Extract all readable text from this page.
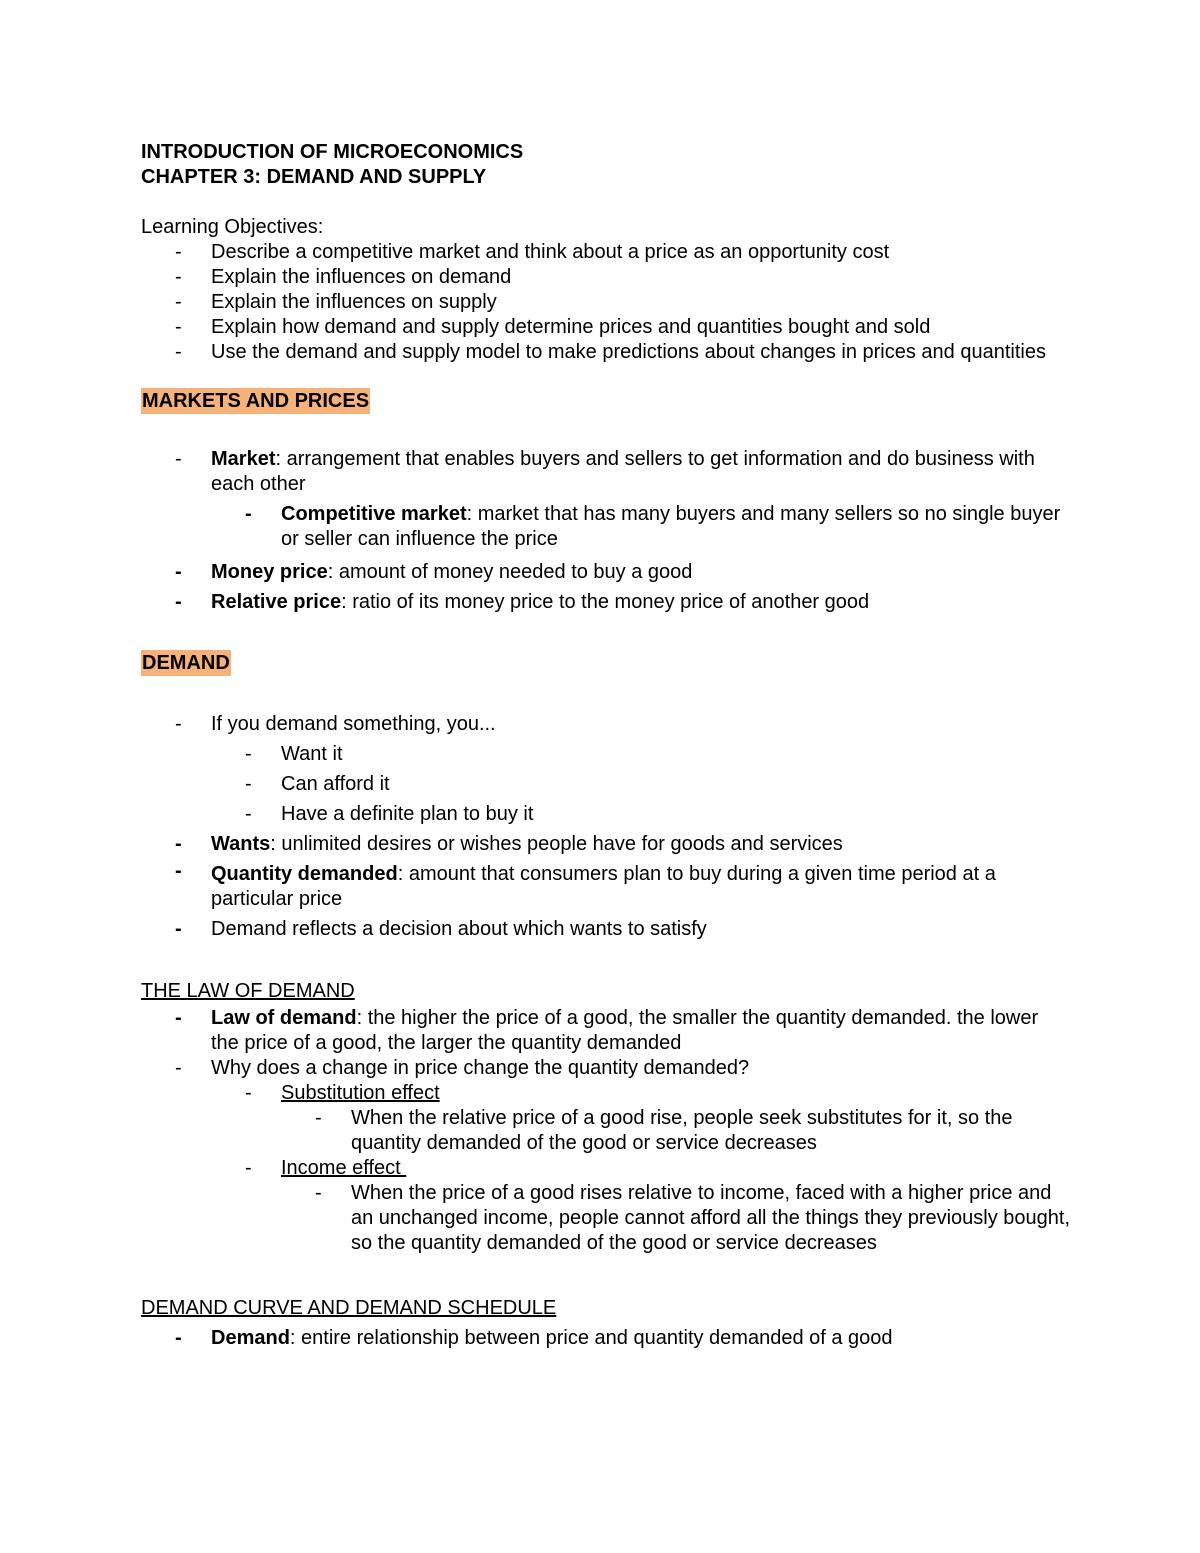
INTRODUCTION OF MICROECONOMICS

CHAPTER 3: DEMAND AND SUPPLY

Learning Objectives:
- Describe a competitive market and think about a price as an opportunity cost
- Explain the influences on demand
- Explain the influences on supply
- Explain how demand and supply determine prices and quantities bought and sold
- Use the demand and supply model to make predictions about changes in prices and quantities
MARKETS AND PRICES
- Market: arrangement that enables buyers and sellers to get information and do business with each other
- Competitive market: market that has many buyers and many sellers so no single buyer or seller can influence the price
- Money price: amount of money needed to buy a good
- Relative price: ratio of its money price to the money price of another good
DEMAND
- If you demand something, you...
- Want it
- Can afford it
- Have a definite plan to buy it
- Wants: unlimited desires or wishes people have for goods and services
- Quantity demanded: amount that consumers plan to buy during a given time period at a particular price
- Demand reflects a decision about which wants to satisfy
THE LAW OF DEMAND
- Law of demand: the higher the price of a good, the smaller the quantity demanded. the lower the price of a good, the larger the quantity demanded
- Why does a change in price change the quantity demanded?
- Substitution effect
- When the relative price of a good rise, people seek substitutes for it, so the quantity demanded of the good or service decreases
- Income effect
- When the price of a good rises relative to income, faced with a higher price and an unchanged income, people cannot afford all the things they previously bought, so the quantity demanded of the good or service decreases
DEMAND CURVE AND DEMAND SCHEDULE
- Demand: entire relationship between price and quantity demanded of a good
